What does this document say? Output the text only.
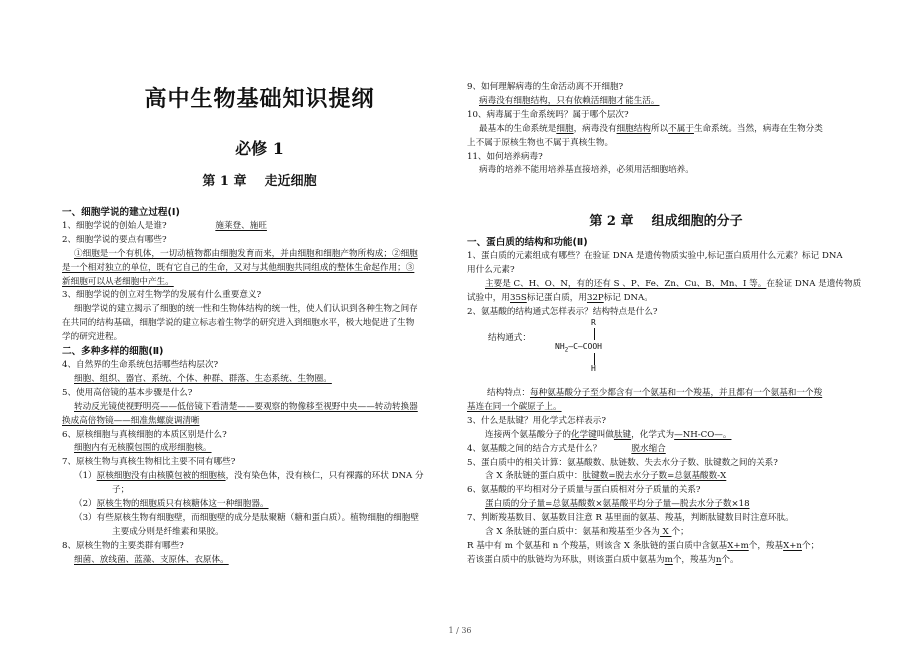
高中生物基础知识提纲
必修 1
第 1 章 走近细胞
一、细胞学说的建立过程(Ⅰ)
1、细胞学说的创始人是谁?	施莱登、施旺
2、细胞学说的要点有哪些?
①细胞是一个有机体，一切动植物都由细胞发育而来，并由细胞和细胞产物所构成；②细胞
是一个相对独立的单位，既有它自己的生命，又对与其他细胞共同组成的整体生命起作用；③
新细胞可以从老细胞中产生。
3、细胞学说的创立对生物学的发展有什么重要意义?
细胞学说的建立揭示了细胞的统一性和生物体结构的统一性，使人们认识到各种生物之间存
在共同的结构基础，细胞学说的建立标志着生物学的研究进入到细胞水平，极大地促进了生物
学的研究进程。
二、多种多样的细胞(Ⅱ)
4、自然界的生命系统包括哪些结构层次?
细胞、组织、器官、系统、个体、种群、群落、生态系统、生物圈。
5、使用高倍镜的基本步骤是什么?
转动反光镜使视野明亮——低倍镜下看清楚——要观察的物像移至视野中央——转动转换器
换成高倍物镜——细准焦螺旋调清晰
6、原核细胞与真核细胞的本质区别是什么?
细胞内有无核膜包围的成形细胞核。
7、原核生物与真核生物相比主要不同有哪些?
（1）原核细胞没有由核膜包被的细胞核，没有染色体，没有核仁，只有裸露的环状 DNA 分
子；
（2）原核生物的细胞质只有核糖体这一种细胞器。
（3）有些原核生物有细胞壁，而细胞壁的成分是肽聚糖（糖和蛋白质）。植物细胞的细胞壁
主要成分则是纤维素和果胶。
8、原核生物的主要类群有哪些?
细菌、放线菌、蓝藻、支原体、衣原体。
9、如何理解病毒的生命活动离不开细胞?
病毒没有细胞结构，只有依赖活细胞才能生活。
10、病毒属于生命系统吗？属于哪个层次?
最基本的生命系统是细胞，病毒没有细胞结构所以不属于生命系统。当然，病毒在生物分类
上不属于原核生物也不属于真核生物。
11、如何培养病毒?
病毒的培养不能用培养基直接培养，必须用活细胞培养。
第 2 章 组成细胞的分子
一、蛋白质的结构和功能(Ⅱ)
1、蛋白质的元素组成有哪些？在验证 DNA 是遗传物质实验中,标记蛋白质用什么元素？标记 DNA
用什么元素?
主要是 C、H、O、N，有的还有 S 、P、Fe、Zn、Cu、B、Mn、I 等。在验证 DNA 是遗传物质
试验中，用35S标记蛋白质，用32P标记 DNA。
2、氨基酸的结构通式怎样表示？结构特点是什么?
结构通式：
R
$NH_2—C—COOH$
H
结构特点：每种氨基酸分子至少都含有一个氨基和一个羧基，并且都有一个氨基和一个羧
基连在同一个碳原子上。
3、什么是肽键？用化学式怎样表示?
连接两个氨基酸分子的化学键叫做肽键，化学式为—NH-CO—。
4、氨基酸之间的结合方式是什么？	脱水缩合
5、蛋白质中的相关计算：氨基酸数、肽链数、失去水分子数、肽键数之间的关系?
含 X 条肽链的蛋白质中：肽键数=脱去水分子数=总氨基酸数-X
6、氨基酸的平均相对分子质量与蛋白质相对分子质量的关系?
蛋白质的分子量=总氨基酸数×氨基酸平均分子量—脱去水分子数×18
7、判断羧基数目、氨基数目注意 R 基里面的氨基、羧基，判断肽键数目时注意环肽。
含 X 条肽链的蛋白质中：氨基和羧基至少各为 X 个；
R 基中有 m 个氨基和 n 个羧基，则该含 X 条肽链的蛋白质中含氨基X+m个，羧基X+n个；
若该蛋白质中的肽链均为环肽，则该蛋白质中氨基为m个，羧基为n个。
1 / 36
